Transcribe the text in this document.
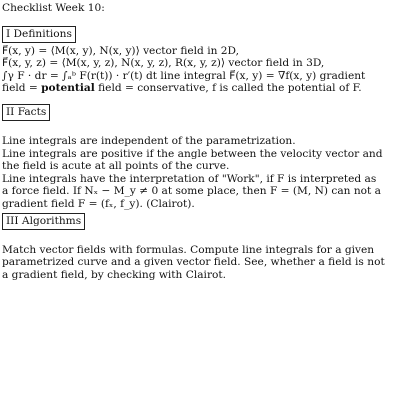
Checklist Week 10:
I Definitions
F⃗(x, y) = ⟨M(x, y), N(x, y)⟩ vector field in 2D,
F⃗(x, y, z) = ⟨M(x, y, z), N(x, y, z), R(x, y, z)⟩ vector field in 3D,
∫γ F · dr = ∫ₐᵇ F(r(t)) · r′(t) dt line integral F⃗(x, y) = ∇f(x, y) gradient
field = potential field = conservative, f is called the potential of F.
II Facts
Line integrals are independent of the parametrization.
Line integrals are positive if the angle between the velocity vector and
the field is acute at all points of the curve.
Line integrals have the interpretation of "Work", if F is interpreted as
a force field. If Nₓ − M_y ≠ 0 at some place, then F = (M, N) can not a
gradient field F = (fₓ, f_y). (Clairot).
III Algorithms
Match vector fields with formulas. Compute line integrals for a given
parametrized curve and a given vector field. See, whether a field is not
a gradient field, by checking with Clairot.
